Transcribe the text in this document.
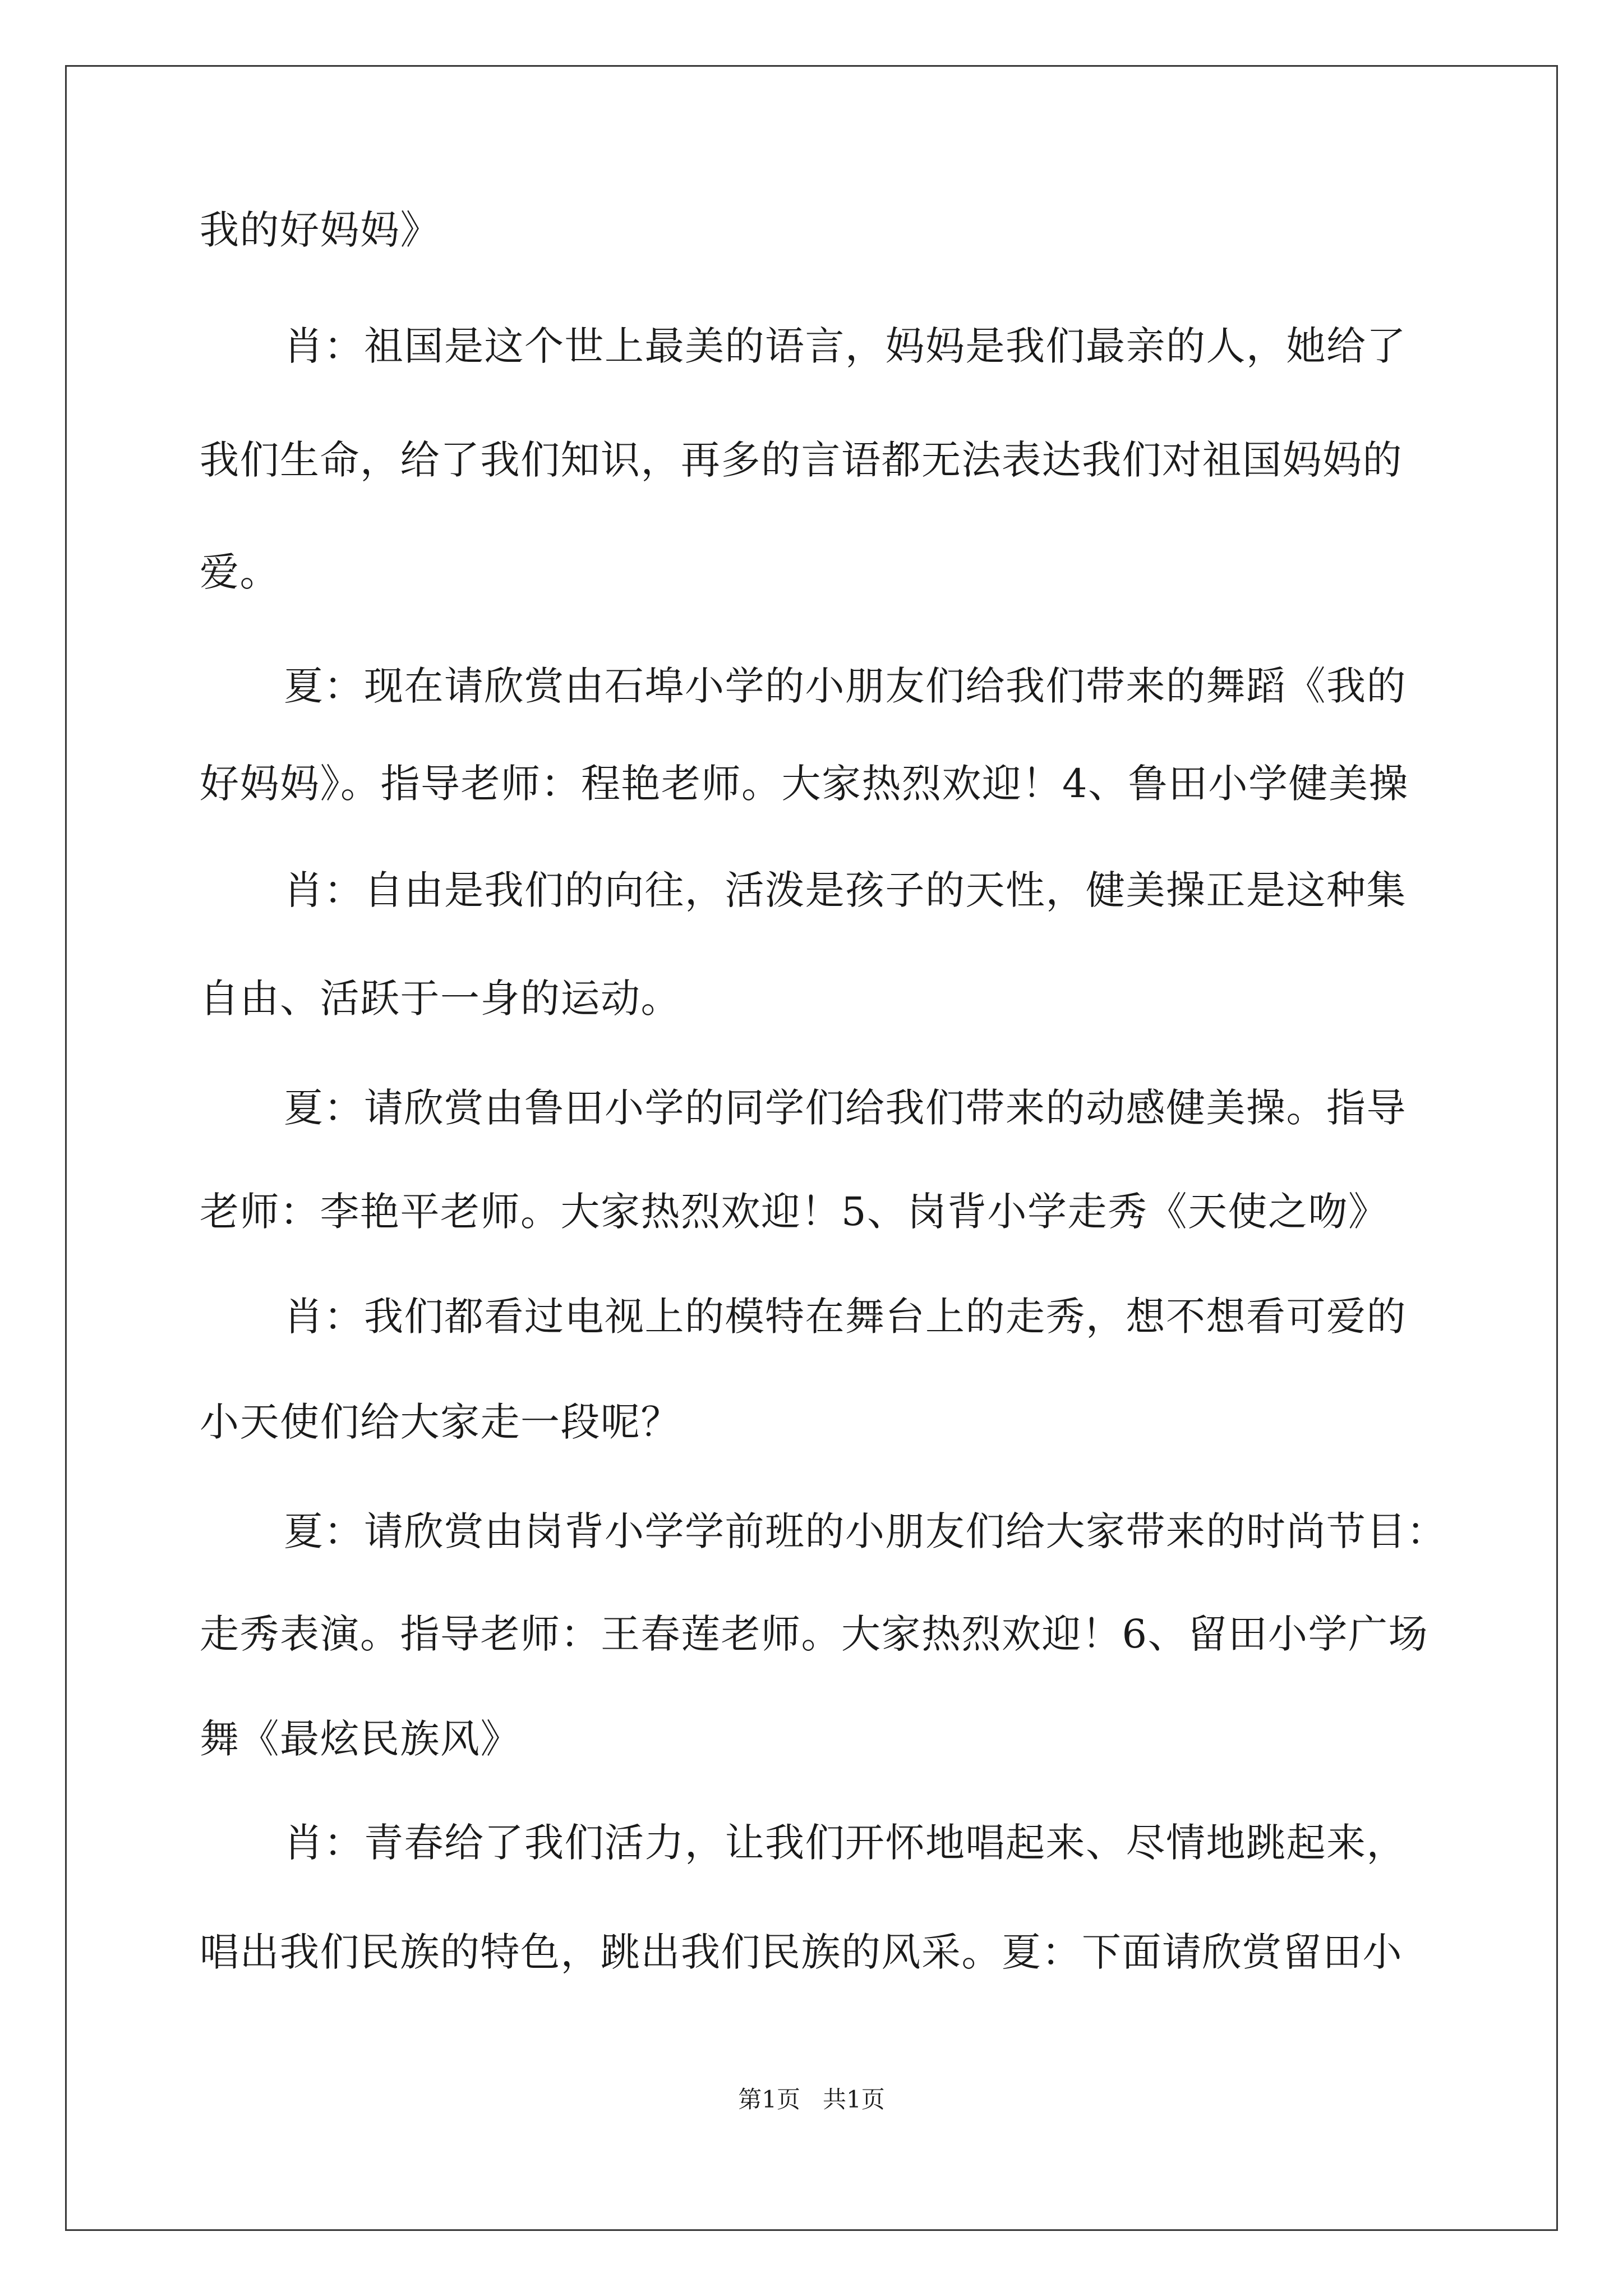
我的好妈妈》
肖：祖国是这个世上最美的语言，妈妈是我们最亲的人，她给了
我们生命，给了我们知识，再多的言语都无法表达我们对祖国妈妈的
爱。
夏：现在请欣赏由石埠小学的小朋友们给我们带来的舞蹈《我的
好妈妈》。指导老师：程艳老师。大家热烈欢迎！4、鲁田小学健美操
肖：自由是我们的向往，活泼是孩子的天性，健美操正是这种集
自由、活跃于一身的运动。
夏：请欣赏由鲁田小学的同学们给我们带来的动感健美操。指导
老师：李艳平老师。大家热烈欢迎！5、岗背小学走秀《天使之吻》
肖：我们都看过电视上的模特在舞台上的走秀，想不想看可爱的
小天使们给大家走一段呢？
夏：请欣赏由岗背小学学前班的小朋友们给大家带来的时尚节目：
走秀表演。指导老师：王春莲老师。大家热烈欢迎！6、留田小学广场
舞《最炫民族风》
肖：青春给了我们活力，让我们开怀地唱起来、尽情地跳起来，
唱出我们民族的特色，跳出我们民族的风采。夏：下面请欣赏留田小
第1页   共1页
